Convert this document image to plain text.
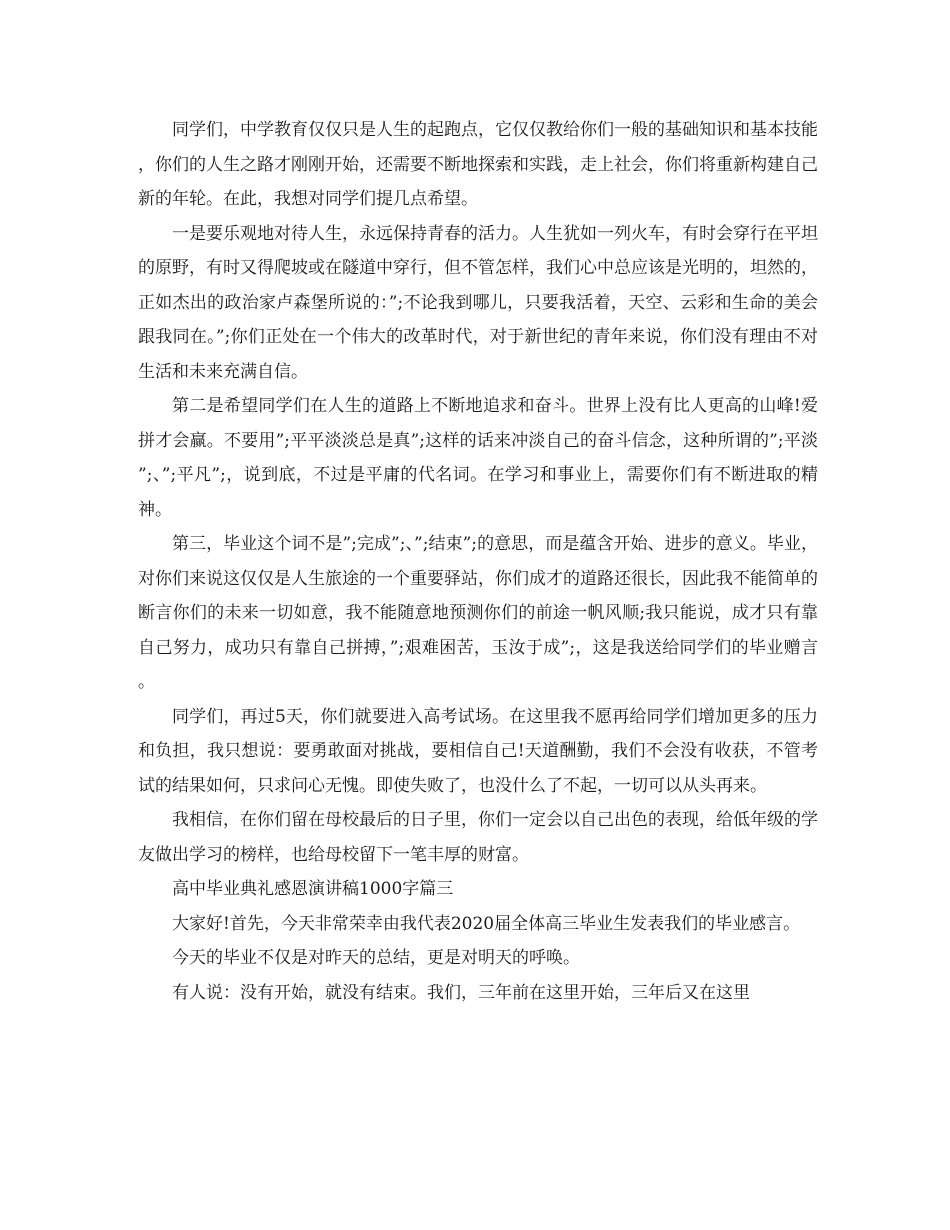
同学们，中学教育仅仅只是人生的起跑点，它仅仅教给你们一般的基础知识和基本技能，你们的人生之路才刚刚开始，还需要不断地探索和实践，走上社会，你们将重新构建自己新的年轮。在此，我想对同学们提几点希望。

一是要乐观地对待人生，永远保持青春的活力。人生犹如一列火车，有时会穿行在平坦的原野，有时又得爬坡或在隧道中穿行，但不管怎样，我们心中总应该是光明的，坦然的，正如杰出的政治家卢森堡所说的：”;不论我到哪儿，只要我活着，天空、云彩和生命的美会跟我同在。”;你们正处在一个伟大的改革时代，对于新世纪的青年来说，你们没有理由不对生活和未来充满自信。

第二是希望同学们在人生的道路上不断地追求和奋斗。世界上没有比人更高的山峰!爱拼才会赢。不要用”;平平淡淡总是真”;这样的话来冲淡自己的奋斗信念，这种所谓的”;平淡”;、”;平凡”;，说到底，不过是平庸的代名词。在学习和事业上，需要你们有不断进取的精神。

第三，毕业这个词不是”;完成”;、”;结束”;的意思，而是蕴含开始、进步的意义。毕业，对你们来说这仅仅是人生旅途的一个重要驿站，你们成才的道路还很长，因此我不能简单的断言你们的未来一切如意，我不能随意地预测你们的前途一帆风顺;我只能说，成才只有靠自己努力，成功只有靠自己拼搏，”;艰难困苦，玉汝于成”;，这是我送给同学们的毕业赠言。

同学们，再过5天，你们就要进入高考试场。在这里我不愿再给同学们增加更多的压力和负担，我只想说：要勇敢面对挑战，要相信自己!天道酬勤，我们不会没有收获，不管考试的结果如何，只求问心无愧。即使失败了，也没什么了不起，一切可以从头再来。

我相信，在你们留在母校最后的日子里，你们一定会以自己出色的表现，给低年级的学友做出学习的榜样，也给母校留下一笔丰厚的财富。

高中毕业典礼感恩演讲稿1000字篇三

大家好!首先，今天非常荣幸由我代表2020届全体高三毕业生发表我们的毕业感言。

今天的毕业不仅是对昨天的总结，更是对明天的呼唤。

有人说：没有开始，就没有结束。我们，三年前在这里开始，三年后又在这里
